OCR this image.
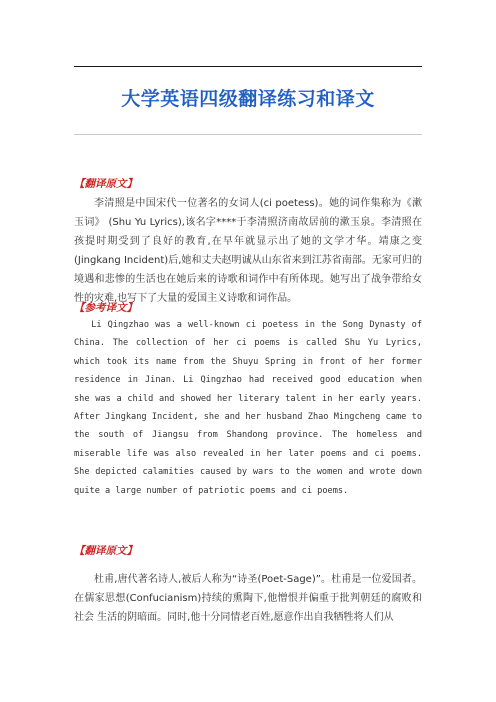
大学英语四级翻译练习和译文
【翻译原文】

李清照是中国宋代一位著名的女词人(ci poetess)。她的词作集称为《漱玉词》 (Shu Yu Lyrics),该名字****于李清照济南故居前的漱玉泉。李清照在孩提时期受到了良好的教育,在早年就显示出了她的文学才华。靖康之变(Jingkang Incident)后,她和丈夫赵明诚从山东省来到江苏省南部。无家可归的境遇和悲惨的生活也在她后来的诗歌和词作中有所体现。她写出了战争带给女性的灾难,也写下了大量的爱国主义诗歌和词作品。

【参考译文】

Li Qingzhao was a well-known ci poetess in the Song Dynasty of China. The collection of her ci poems is called Shu Yu Lyrics, which took its name from the Shuyu Spring in front of her former residence in Jinan. Li Qingzhao had received good education when she was a child and showed her literary talent in her early years. After Jingkang Incident, she and her husband Zhao Mingcheng came to the south of Jiangsu from Shandong province. The homeless and miserable life was also revealed in her later poems and ci poems. She depicted calamities caused by wars to the women and wrote down quite a large number of patriotic poems and ci poems.

【翻译原文】

杜甫,唐代著名诗人,被后人称为“诗圣(Poet-Sage)”。杜甫是一位爱国者。在儒家思想(Confucianism)持续的熏陶下,他憎恨并偏重于批判朝廷的腐败和社会 生活的阴暗面。同时,他十分同情老百姓,愿意作出自我牺牲将人们从
